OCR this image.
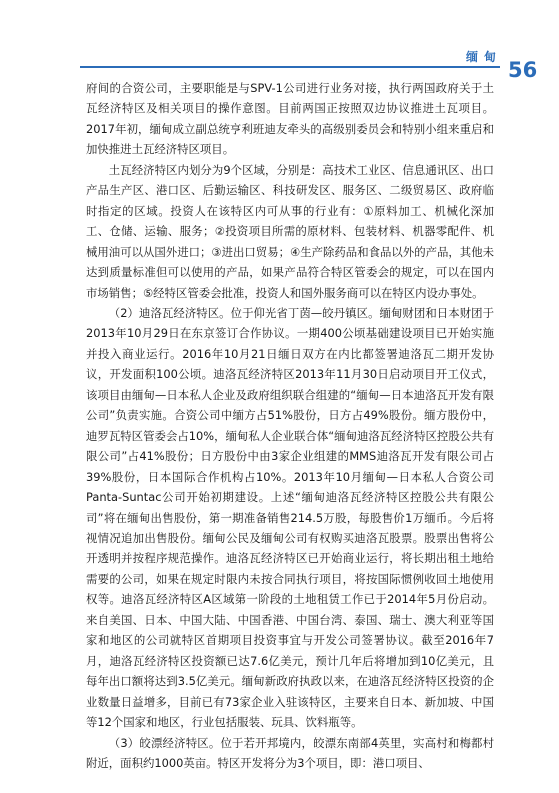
缅甸
56

府间的合资公司，主要职能是与SPV-1公司进行业务对接，执行两国政府关于土瓦经济特区及相关项目的操作意图。目前两国正按照双边协议推进土瓦项目。 2017年初，缅甸成立副总统亨利班迪友牵头的高级别委员会和特别小组来重启和加快推进土瓦经济特区项目。

土瓦经济特区内划分为9个区域，分别是：高技术工业区、信息通讯区、出口产品生产区、港口区、后勤运输区、科技研发区、服务区、二级贸易区、政府临时指定的区域。投资人在该特区内可从事的行业有：①原料加工、机械化深加工、仓储、运输、服务；②投资项目所需的原材料、包装材料、机器零配件、机械用油可以从国外进口；③进出口贸易；④生产除药品和食品以外的产品，其他未达到质量标准但可以使用的产品，如果产品符合特区管委会的规定，可以在国内市场销售；⑤经特区管委会批准，投资人和国外服务商可以在特区内设办事处。

（2）迪洛瓦经济特区。位于仰光省丁茵—皎丹镇区。缅甸财团和日本财团于2013年10月29日在东京签订合作协议。一期400公顷基础建设项目已开始实施并投入商业运行。2016年10月21日缅日双方在内比都签署迪洛瓦二期开发协议，开发面积100公顷。迪洛瓦经济特区2013年11月30日启动项目开工仪式，该项目由缅甸—日本私人企业及政府组织联合组建的“缅甸—日本迪洛瓦开发有限公司”负责实施。合资公司中缅方占51%股份，日方占49%股份。缅方股份中，迪罗瓦特区管委会占10%，缅甸私人企业联合体“缅甸迪洛瓦经济特区控股公共有限公司”占41%股份；日方股份中由3家企业组建的MMS迪洛瓦开发有限公司占39%股份，日本国际合作机构占10%。2013年10月缅甸—日本私人合资公司Panta-Suntac公司开始初期建设。上述“缅甸迪洛瓦经济特区控股公共有限公司”将在缅甸出售股份，第一期准备销售214.5万股，每股售价1万缅币。今后将视情况追加出售股份。缅甸公民及缅甸公司有权购买迪洛瓦股票。股票出售将公开透明并按程序规范操作。迪洛瓦经济特区已开始商业运行，将长期出租土地给需要的公司，如果在规定时限内未按合同执行项目，将按国际惯例收回土地使用权等。迪洛瓦经济特区A区域第一阶段的土地租赁工作已于2014年5月份启动。来自美国、日本、中国大陆、中国香港、中国台湾、泰国、瑞士、澳大利亚等国家和地区的公司就特区首期项目投资事宜与开发公司签署协议。截至2016年7月，迪洛瓦经济特区投资额已达7.6亿美元，预计几年后将增加到10亿美元，且每年出口额将达到3.5亿美元。缅甸新政府执政以来，在迪洛瓦经济特区投资的企业数量日益增多，目前已有73家企业入驻该特区，主要来自日本、新加坡、中国等12个国家和地区，行业包括服装、玩具、饮料瓶等。

（3）皎漂经济特区。位于若开邦境内，皎漂东南部4英里，实高村和梅都村附近，面积约1000英亩。特区开发将分为3个项目，即：港口项目、
